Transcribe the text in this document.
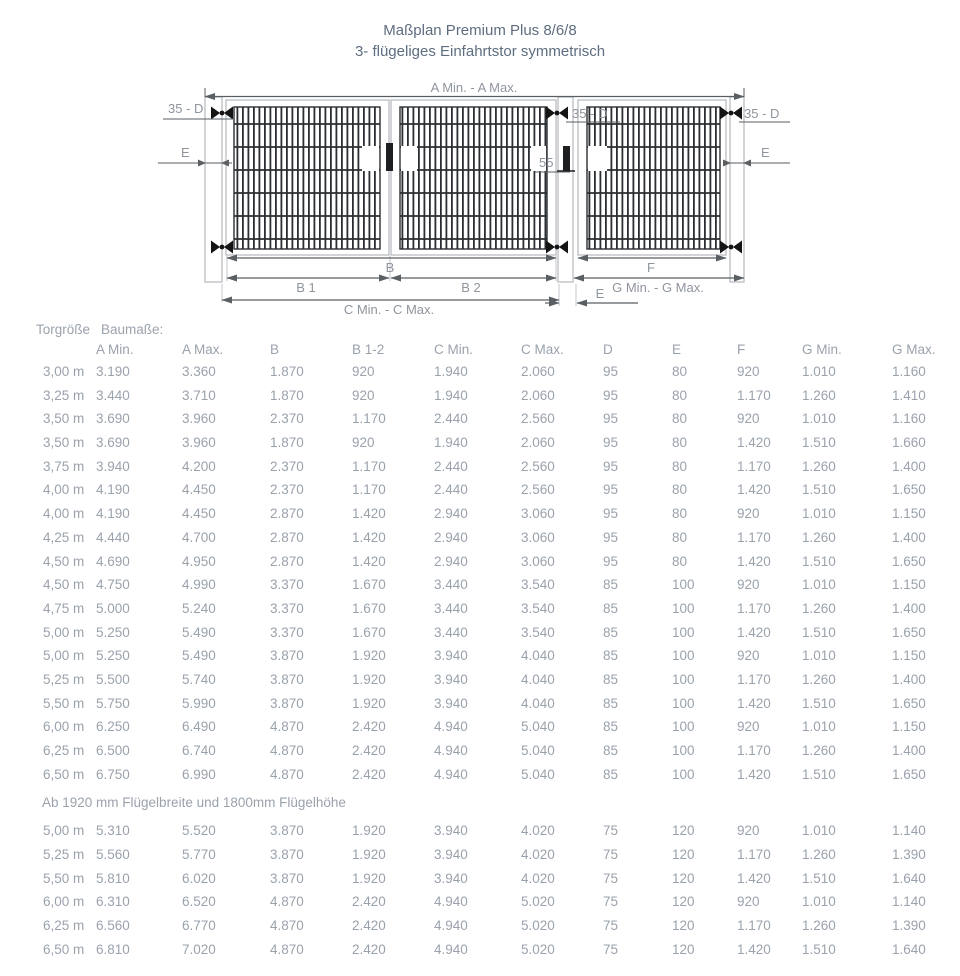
Maßplan Premium Plus 8/6/8
3- flügeliges Einfahrtstor symmetrisch
A Min. - A Max.
35 - D	35 - D	35 - D
E	E
55
B	F
B 1	B 2	G Min. - G Max.
C Min. - C Max.
E
Torgröße Baumaße:
A Min.	A Max.	B	B 1-2	C Min.	C Max.	D	E	F	G Min.	G Max.
3,00 m 3.190	3.360	1.870	920	1.940	2.060	95	80	920	1.010	1.160
3,25 m 3.440	3.710	1.870	920	1.940	2.060	95	80	1.170	1.260	1.410
3,50 m 3.690	3.960	2.370	1.170	2.440	2.560	95	80	920	1.010	1.160
3,50 m 3.690	3.960	1.870	920	1.940	2.060	95	80	1.420	1.510	1.660
3,75 m 3.940	4.200	2.370	1.170	2.440	2.560	95	80	1.170	1.260	1.400
4,00 m 4.190	4.450	2.370	1.170	2.440	2.560	95	80	1.420	1.510	1.650
4,00 m 4.190	4.450	2.870	1.420	2.940	3.060	95	80	920	1.010	1.150
4,25 m 4.440	4.700	2.870	1.420	2.940	3.060	95	80	1.170	1.260	1.400
4,50 m 4.690	4.950	2.870	1.420	2.940	3.060	95	80	1.420	1.510	1.650
4,50 m 4.750	4.990	3.370	1.670	3.440	3.540	85	100	920	1.010	1.150
4,75 m 5.000	5.240	3.370	1.670	3.440	3.540	85	100	1.170	1.260	1.400
5,00 m 5.250	5.490	3.370	1.670	3.440	3.540	85	100	1.420	1.510	1.650
5,00 m 5.250	5.490	3.870	1.920	3.940	4.040	85	100	920	1.010	1.150
5,25 m 5.500	5.740	3.870	1.920	3.940	4.040	85	100	1.170	1.260	1.400
5,50 m 5.750	5.990	3.870	1.920	3.940	4.040	85	100	1.420	1.510	1.650
6,00 m 6.250	6.490	4.870	2.420	4.940	5.040	85	100	920	1.010	1.150
6,25 m 6.500	6.740	4.870	2.420	4.940	5.040	85	100	1.170	1.260	1.400
6,50 m 6.750	6.990	4.870	2.420	4.940	5.040	85	100	1.420	1.510	1.650
Ab 1920 mm Flügelbreite und 1800mm Flügelhöhe
5,00 m 5.310	5.520	3.870	1.920	3.940	4.020	75	120	920	1.010	1.140
5,25 m 5.560	5.770	3.870	1.920	3.940	4.020	75	120	1.170	1.260	1.390
5,50 m 5.810	6.020	3.870	1.920	3.940	4.020	75	120	1.420	1.510	1.640
6,00 m 6.310	6.520	4.870	2.420	4.940	5.020	75	120	920	1.010	1.140
6,25 m 6.560	6.770	4.870	2.420	4.940	5.020	75	120	1.170	1.260	1.390
6,50 m 6.810	7.020	4.870	2.420	4.940	5.020	75	120	1.420	1.510	1.640
